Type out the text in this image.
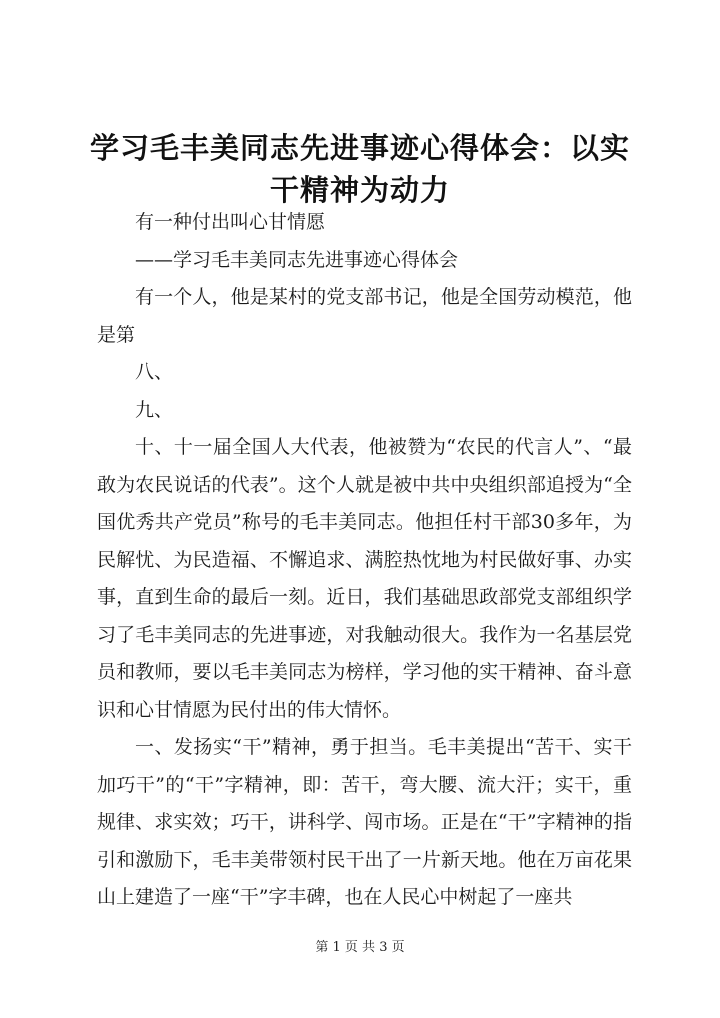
学习毛丰美同志先进事迹心得体会：以实干精神为动力

有一种付出叫心甘情愿

——学习毛丰美同志先进事迹心得体会

有一个人，他是某村的党支部书记，他是全国劳动模范，他是第

八、

九、

十、十一届全国人大代表，他被赞为“农民的代言人”、“最敢为农民说话的代表”。这个人就是被中共中央组织部追授为“全国优秀共产党员”称号的毛丰美同志。他担任村干部30多年，为民解忧、为民造福、不懈追求、满腔热忱地为村民做好事、办实事，直到生命的最后一刻。近日，我们基础思政部党支部组织学习了毛丰美同志的先进事迹，对我触动很大。我作为一名基层党员和教师，要以毛丰美同志为榜样，学习他的实干精神、奋斗意识和心甘情愿为民付出的伟大情怀。

一、发扬实“干”精神，勇于担当。毛丰美提出“苦干、实干加巧干”的“干”字精神，即：苦干，弯大腰、流大汗；实干，重规律、求实效；巧干，讲科学、闯市场。正是在“干”字精神的指引和激励下，毛丰美带领村民干出了一片新天地。他在万亩花果山上建造了一座“干”字丰碑，也在人民心中树起了一座共

第 1 页 共 3 页
